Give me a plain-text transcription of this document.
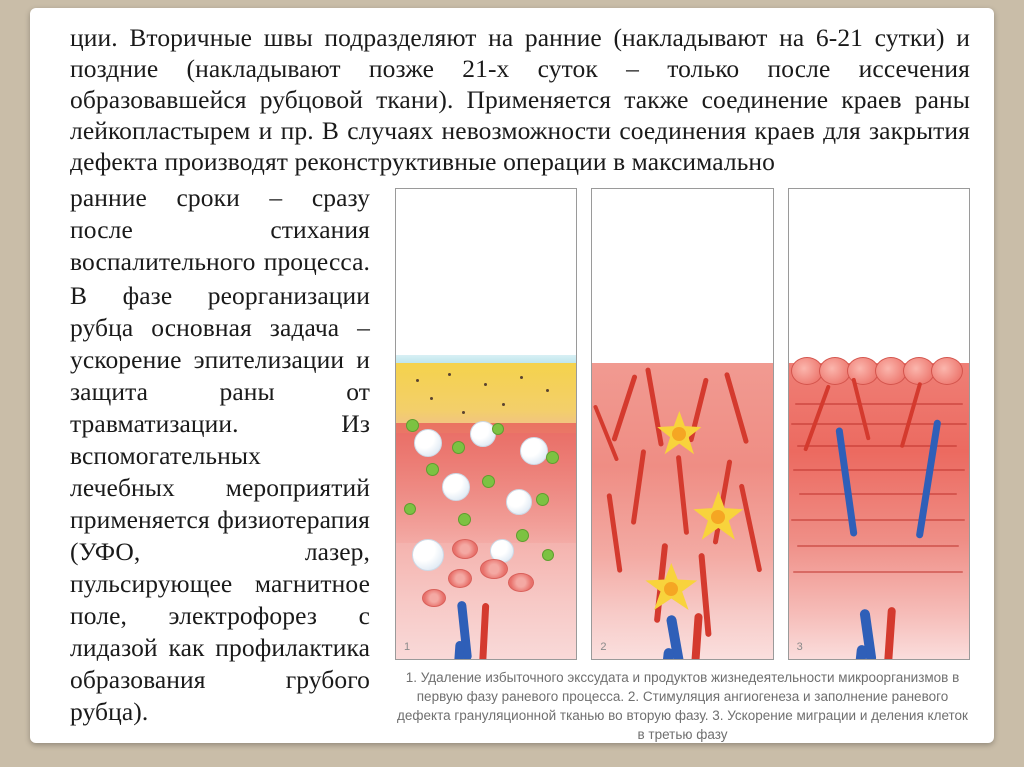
ции. Вторичные швы подразделяют на ранние (накладывают на 6-21 сутки) и поздние (накладывают позже 21-х суток – только после иссечения образовавшейся рубцовой ткани). Применяется также соединение краев раны лейкопластырем и пр. В случаях невозможности соединения краев для закрытия дефекта производят реконструктивные операции в максимально

ранние сроки – сразу после стихания воспалительного процесса.

В фазе реорганизации рубца основная задача – ускорение эпителизации и защита раны от травматизации. Из вспомогательных лечебных мероприятий применяется физиотерапия (УФО, лазер, пульсирующее магнитное поле, электрофорез с лидазой как профилактика образования грубого рубца).

1	2	3
1. Удаление избыточного экссудата и продуктов жизнедеятельности микроорганизмов в первую фазу раневого процесса. 2. Стимуляция ангиогенеза и заполнение раневого дефекта грануляционной тканью во вторую фазу. 3. Ускорение миграции и деления клеток в третью фазу
